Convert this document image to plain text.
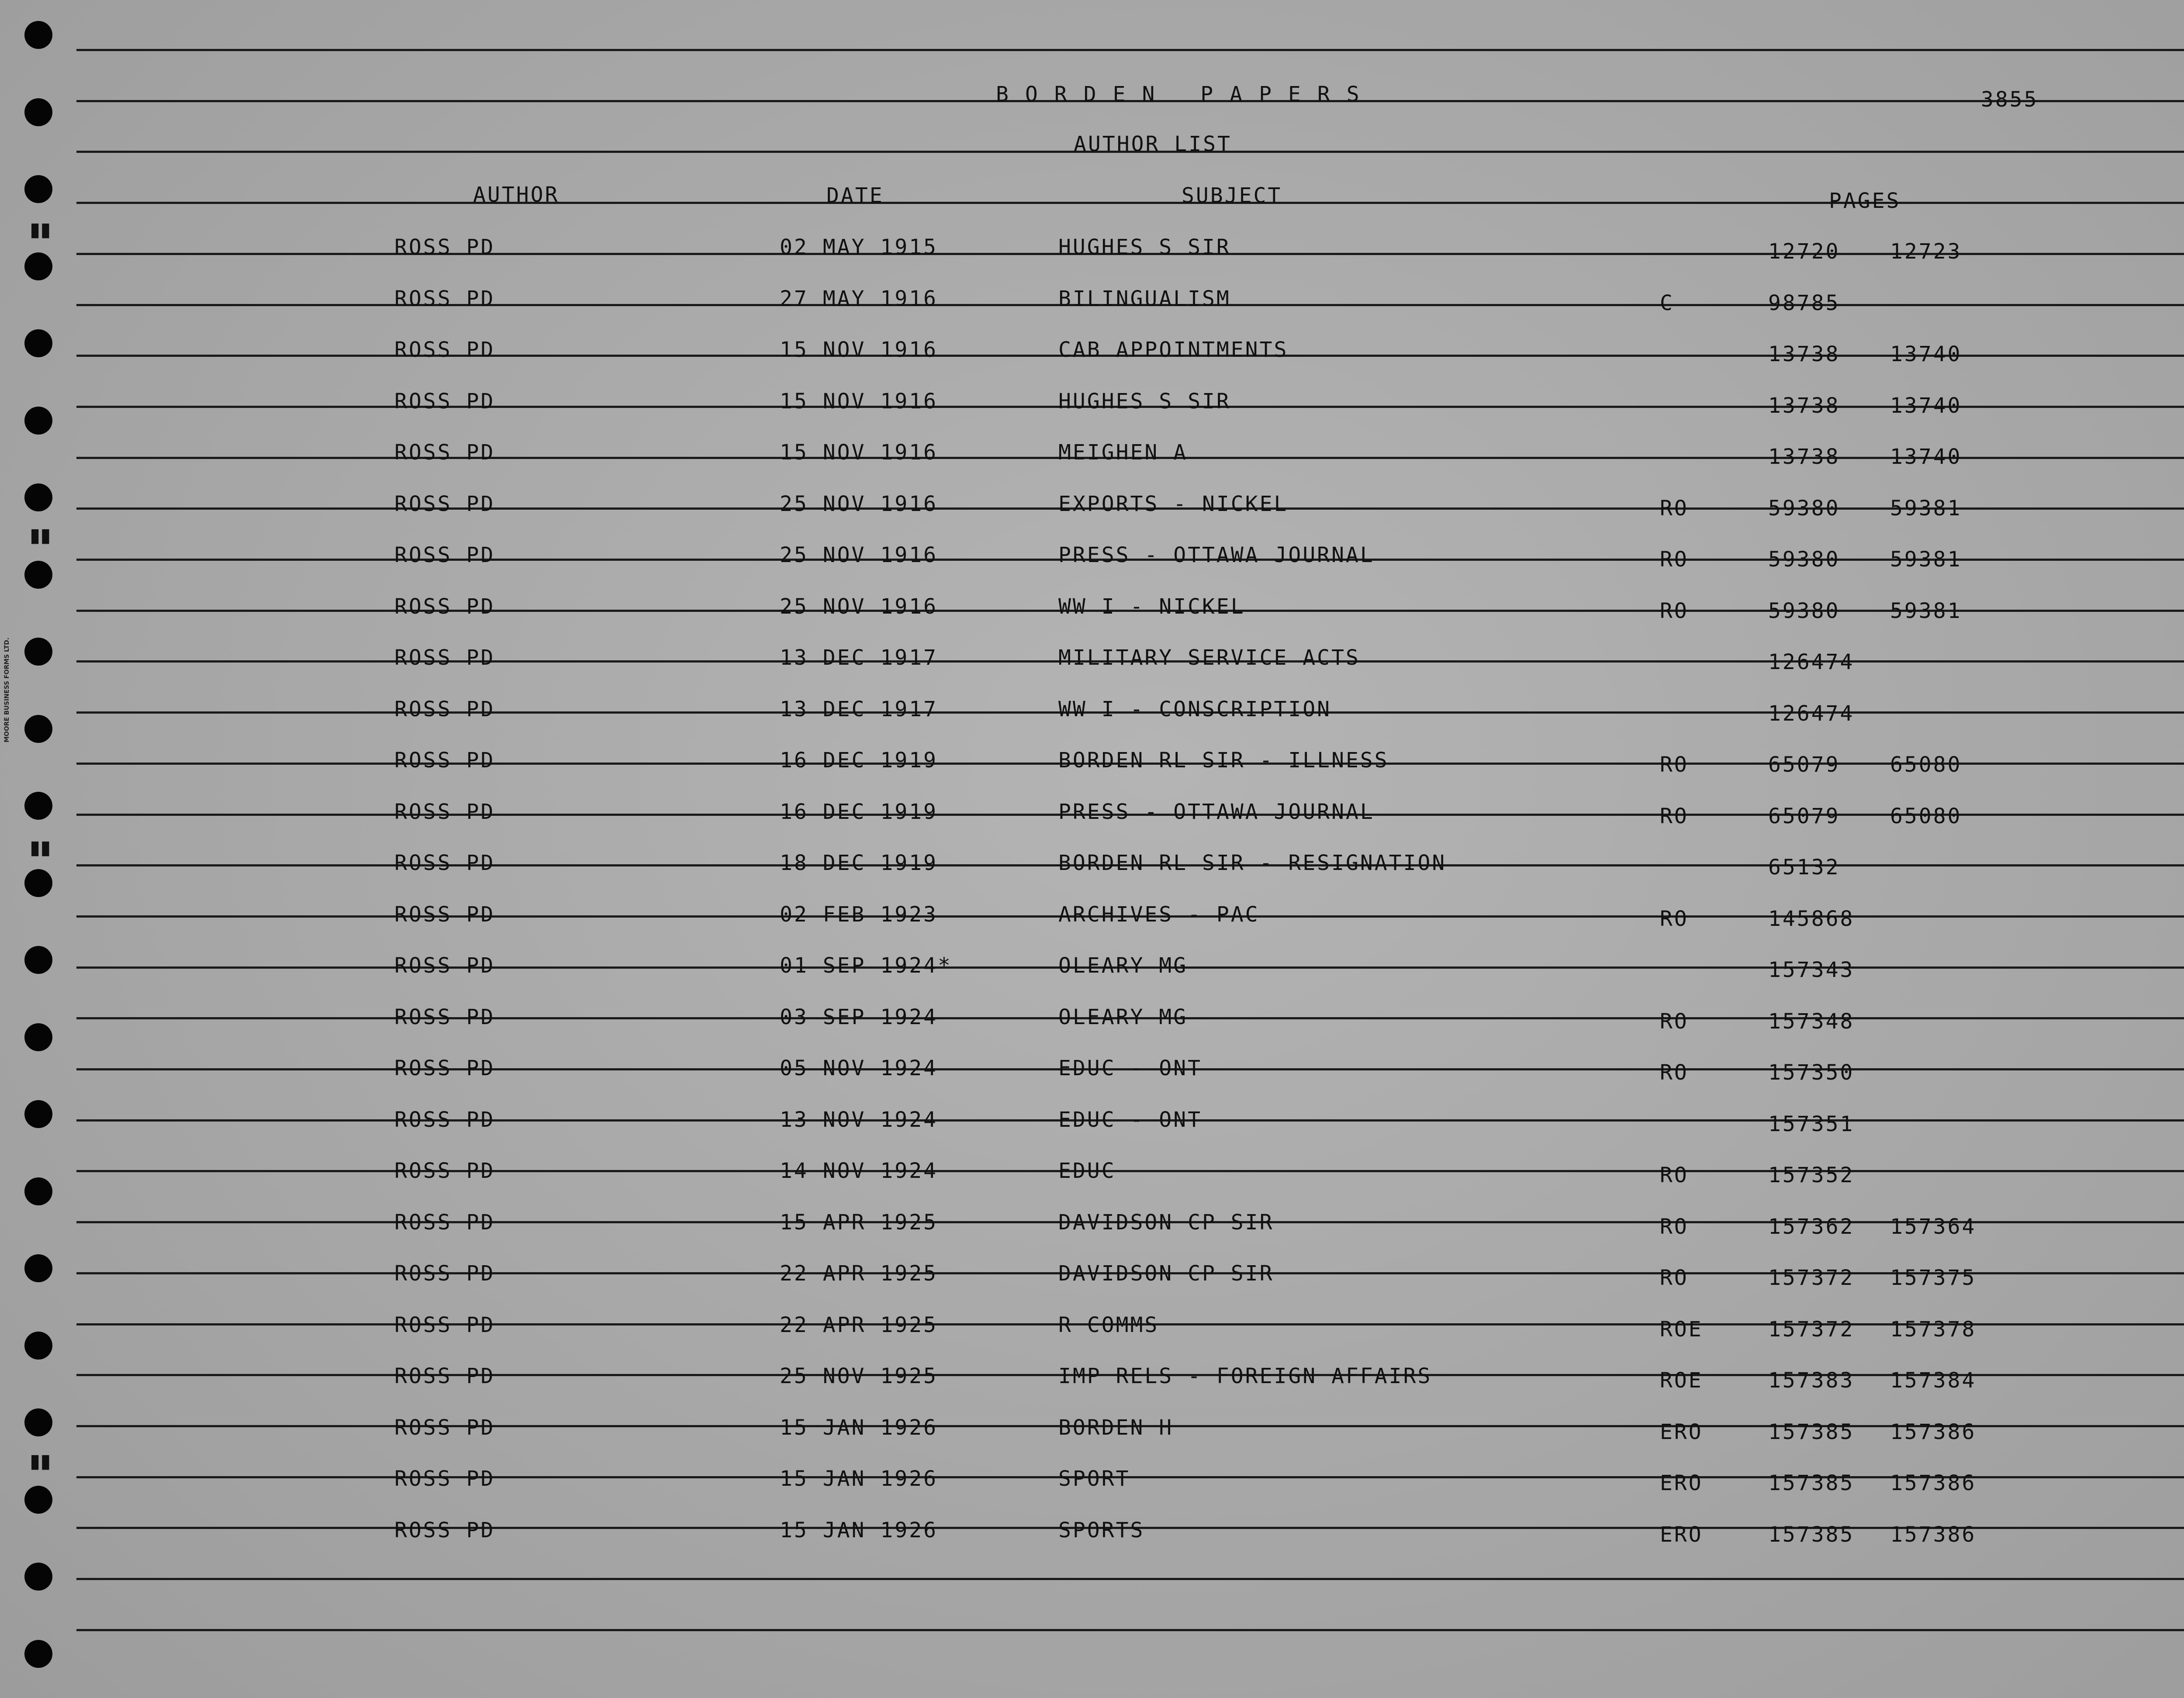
▮▮
▮▮
▮▮
▮▮
MOORE BUSINESS FORMS LTD.
BORDEN PAPERS	3855
AUTHOR LIST
AUTHOR	DATE	SUBJECT	PAGES
ROSS PD	02 MAY 1915	HUGHES S SIR	12720 12723
ROSS PD	27 MAY 1916	BILINGUALISM	C	98785
ROSS PD	15 NOV 1916	CAB APPOINTMENTS	13738 13740
ROSS PD	15 NOV 1916	HUGHES S SIR	13738 13740
ROSS PD	15 NOV 1916	MEIGHEN A	13738 13740
ROSS PD	25 NOV 1916	EXPORTS - NICKEL	RO	59380 59381
ROSS PD	25 NOV 1916	PRESS - OTTAWA JOURNAL	RO	59380 59381
ROSS PD	25 NOV 1916	WW I - NICKEL	RO	59380 59381
ROSS PD	13 DEC 1917	MILITARY SERVICE ACTS	126474
ROSS PD	13 DEC 1917	WW I - CONSCRIPTION	126474
ROSS PD	16 DEC 1919	BORDEN RL SIR - ILLNESS	RO	65079 65080
ROSS PD	16 DEC 1919	PRESS - OTTAWA JOURNAL	RO	65079 65080
ROSS PD	18 DEC 1919	BORDEN RL SIR - RESIGNATION	65132
ROSS PD	02 FEB 1923	ARCHIVES - PAC	RO	145868
ROSS PD	01 SEP 1924*	OLEARY MG	157343
ROSS PD	03 SEP 1924	OLEARY MG	RO	157348
ROSS PD	05 NOV 1924	EDUC - ONT	RO	157350
ROSS PD	13 NOV 1924	EDUC - ONT	157351
ROSS PD	14 NOV 1924	EDUC	RO	157352
ROSS PD	15 APR 1925	DAVIDSON CP SIR	RO	157362 157364
ROSS PD	22 APR 1925	DAVIDSON CP SIR	RO	157372 157375
ROSS PD	22 APR 1925	R COMMS	ROE	157372 157378
ROSS PD	25 NOV 1925	IMP RELS - FOREIGN AFFAIRS	ROE	157383 157384
ROSS PD	15 JAN 1926	BORDEN H	ERO	157385 157386
ROSS PD	15 JAN 1926	SPORT	ERO	157385 157386
ROSS PD	15 JAN 1926	SPORTS	ERO	157385 157386
